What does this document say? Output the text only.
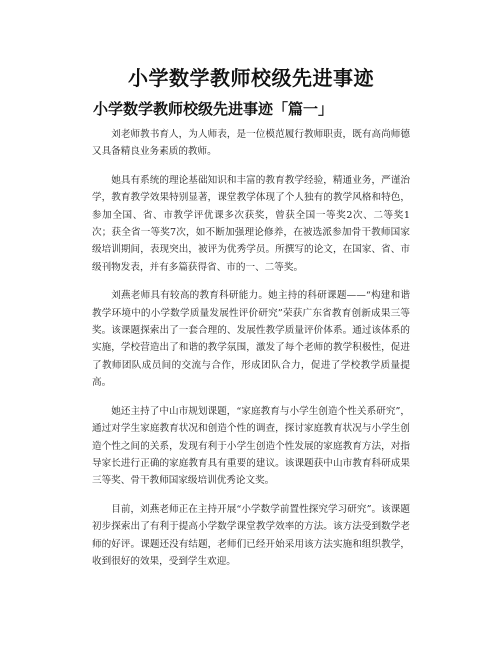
小学数学教师校级先进事迹
小学数学教师校级先进事迹「篇一」

刘老师教书育人，为人师表，是一位模范履行教师职责，既有高尚师德又具备精良业务素质的教师。

她具有系统的理论基础知识和丰富的教育教学经验，精通业务，严谨治学，教育教学效果特别显著，课堂教学体现了个人独有的教学风格和特色，参加全国、省、市教学评优课多次获奖，曾获全国一等奖2次、二等奖1次；获全省一等奖7次，如不断加强理论修养，在被选派参加骨干教师国家级培训期间，表现突出，被评为优秀学员。所撰写的论文，在国家、省、市级刊物发表，并有多篇获得省、市的一、二等奖。

刘燕老师具有较高的教育科研能力。她主持的科研课题——“构建和谐教学环境中的小学数学质量发展性评价研究”荣获广东省教育创新成果三等奖。该课题探索出了一套合理的、发展性教学质量评价体系。通过该体系的实施，学校营造出了和谐的教学氛围，激发了每个老师的教学积极性，促进了教师团队成员间的交流与合作，形成团队合力，促进了学校教学质量提高。

她还主持了中山市规划课题，“家庭教育与小学生创造个性关系研究”，通过对学生家庭教育状况和创造个性的调查，探讨家庭教育状况与小学生创造个性之间的关系，发现有利于小学生创造个性发展的家庭教育方法，对指导家长进行正确的家庭教育具有重要的建议。该课题获中山市教育科研成果三等奖、骨干教师国家级培训优秀论文奖。

目前，刘燕老师正在主持开展“小学数学前置性探究学习研究”。该课题初步探索出了有利于提高小学数学课堂教学效率的方法。该方法受到数学老师的好评。课题还没有结题，老师们已经开始采用该方法实施和组织教学，收到很好的效果，受到学生欢迎。
